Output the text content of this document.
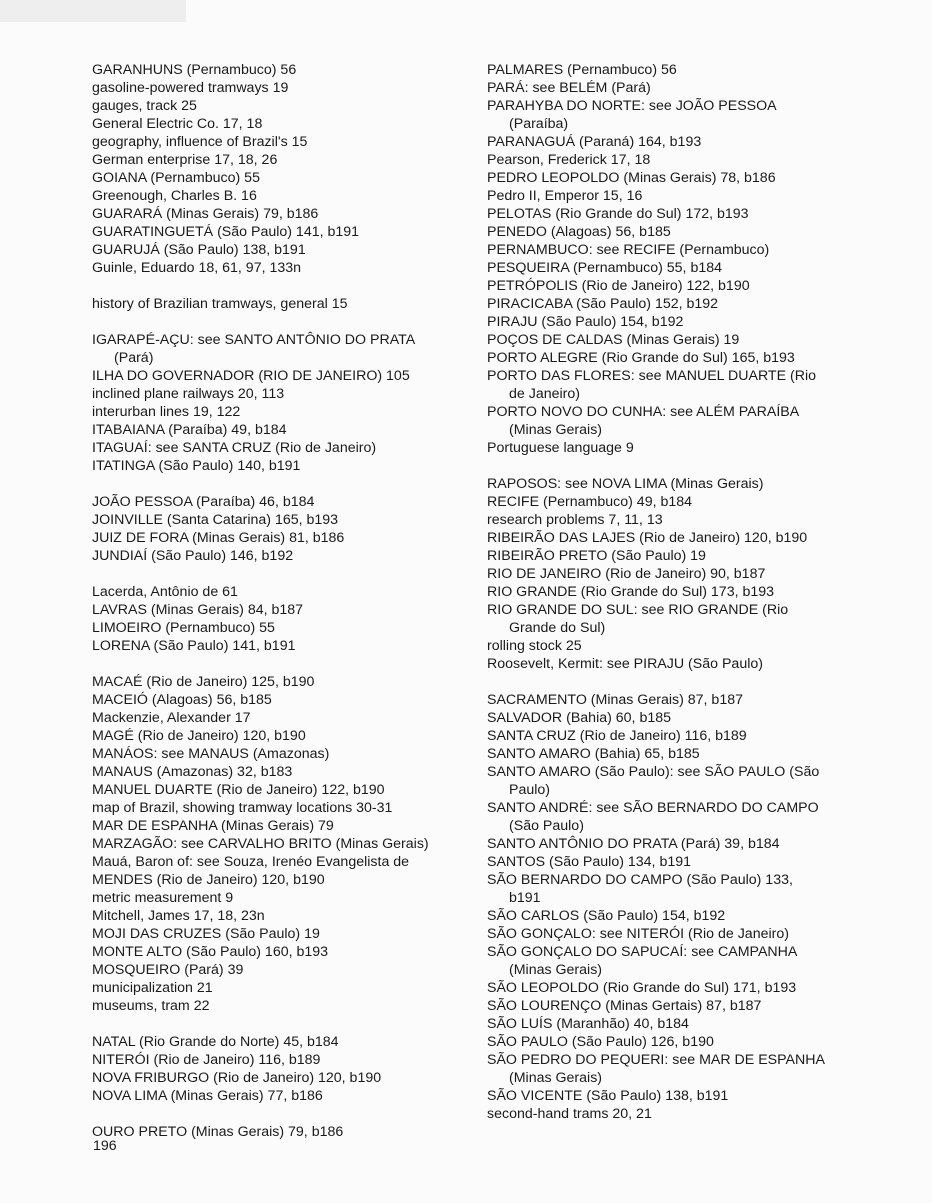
GARANHUNS (Pernambuco) 56
gasoline-powered tramways 19
gauges, track 25
General Electric Co. 17, 18
geography, influence of Brazil's 15
German enterprise 17, 18, 26
GOIANA (Pernambuco) 55
Greenough, Charles B. 16
GUARARÁ (Minas Gerais) 79, b186
GUARATINGUETÁ (São Paulo) 141, b191
GUARUJÁ (São Paulo) 138, b191
Guinle, Eduardo 18, 61, 97, 133n
history of Brazilian tramways, general 15
IGARAPÉ-AÇU: see SANTO ANTÔNIO DO PRATA
(Pará)
ILHA DO GOVERNADOR (RIO DE JANEIRO) 105
inclined plane railways 20, 113
interurban lines 19, 122
ITABAIANA (Paraíba) 49, b184
ITAGUAÍ: see SANTA CRUZ (Rio de Janeiro)
ITATINGA (São Paulo) 140, b191
JOÃO PESSOA (Paraíba) 46, b184
JOINVILLE (Santa Catarina) 165, b193
JUIZ DE FORA (Minas Gerais) 81, b186
JUNDIAÍ (São Paulo) 146, b192
Lacerda, Antônio de 61
LAVRAS (Minas Gerais) 84, b187
LIMOEIRO (Pernambuco) 55
LORENA (São Paulo) 141, b191
MACAÉ (Rio de Janeiro) 125, b190
MACEIÓ (Alagoas) 56, b185
Mackenzie, Alexander 17
MAGÉ (Rio de Janeiro) 120, b190
MANÁOS: see MANAUS (Amazonas)
MANAUS (Amazonas) 32, b183
MANUEL DUARTE (Rio de Janeiro) 122, b190
map of Brazil, showing tramway locations 30-31
MAR DE ESPANHA (Minas Gerais) 79
MARZAGÃO: see CARVALHO BRITO (Minas Gerais)
Mauá, Baron of: see Souza, Irenéo Evangelista de
MENDES (Rio de Janeiro) 120, b190
metric measurement 9
Mitchell, James 17, 18, 23n
MOJI DAS CRUZES (São Paulo) 19
MONTE ALTO (São Paulo) 160, b193
MOSQUEIRO (Pará) 39
municipalization 21
museums, tram 22
NATAL (Rio Grande do Norte) 45, b184
NITERÓI (Rio de Janeiro) 116, b189
NOVA FRIBURGO (Rio de Janeiro) 120, b190
NOVA LIMA (Minas Gerais) 77, b186
OURO PRETO (Minas Gerais) 79, b186
PALMARES (Pernambuco) 56
PARÁ: see BELÉM (Pará)
PARAHYBA DO NORTE: see JOÃO PESSOA
(Paraíba)
PARANAGUÁ (Paraná) 164, b193
Pearson, Frederick 17, 18
PEDRO LEOPOLDO (Minas Gerais) 78, b186
Pedro II, Emperor 15, 16
PELOTAS (Rio Grande do Sul) 172, b193
PENEDO (Alagoas) 56, b185
PERNAMBUCO: see RECIFE (Pernambuco)
PESQUEIRA (Pernambuco) 55, b184
PETRÓPOLIS (Rio de Janeiro) 122, b190
PIRACICABA (São Paulo) 152, b192
PIRAJU (São Paulo) 154, b192
POÇOS DE CALDAS (Minas Gerais) 19
PORTO ALEGRE (Rio Grande do Sul) 165, b193
PORTO DAS FLORES: see MANUEL DUARTE (Rio
de Janeiro)
PORTO NOVO DO CUNHA: see ALÉM PARAÍBA
(Minas Gerais)
Portuguese language 9
RAPOSOS: see NOVA LIMA (Minas Gerais)
RECIFE (Pernambuco) 49, b184
research problems 7, 11, 13
RIBEIRÃO DAS LAJES (Rio de Janeiro) 120, b190
RIBEIRÃO PRETO (São Paulo) 19
RIO DE JANEIRO (Rio de Janeiro) 90, b187
RIO GRANDE (Rio Grande do Sul) 173, b193
RIO GRANDE DO SUL: see RIO GRANDE (Rio
Grande do Sul)
rolling stock 25
Roosevelt, Kermit: see PIRAJU (São Paulo)
SACRAMENTO (Minas Gerais) 87, b187
SALVADOR (Bahia) 60, b185
SANTA CRUZ (Rio de Janeiro) 116, b189
SANTO AMARO (Bahia) 65, b185
SANTO AMARO (São Paulo): see SÃO PAULO (São
Paulo)
SANTO ANDRÉ: see SÃO BERNARDO DO CAMPO
(São Paulo)
SANTO ANTÔNIO DO PRATA (Pará) 39, b184
SANTOS (São Paulo) 134, b191
SÃO BERNARDO DO CAMPO (São Paulo) 133,
b191
SÃO CARLOS (São Paulo) 154, b192
SÃO GONÇALO: see NITERÓI (Rio de Janeiro)
SÃO GONÇALO DO SAPUCAÍ: see CAMPANHA
(Minas Gerais)
SÃO LEOPOLDO (Rio Grande do Sul) 171, b193
SÃO LOURENÇO (Minas Gertais) 87, b187
SÃO LUÍS (Maranhão) 40, b184
SÃO PAULO (São Paulo) 126, b190
SÃO PEDRO DO PEQUERI: see MAR DE ESPANHA
(Minas Gerais)
SÃO VICENTE (São Paulo) 138, b191
second-hand trams 20, 21
196
